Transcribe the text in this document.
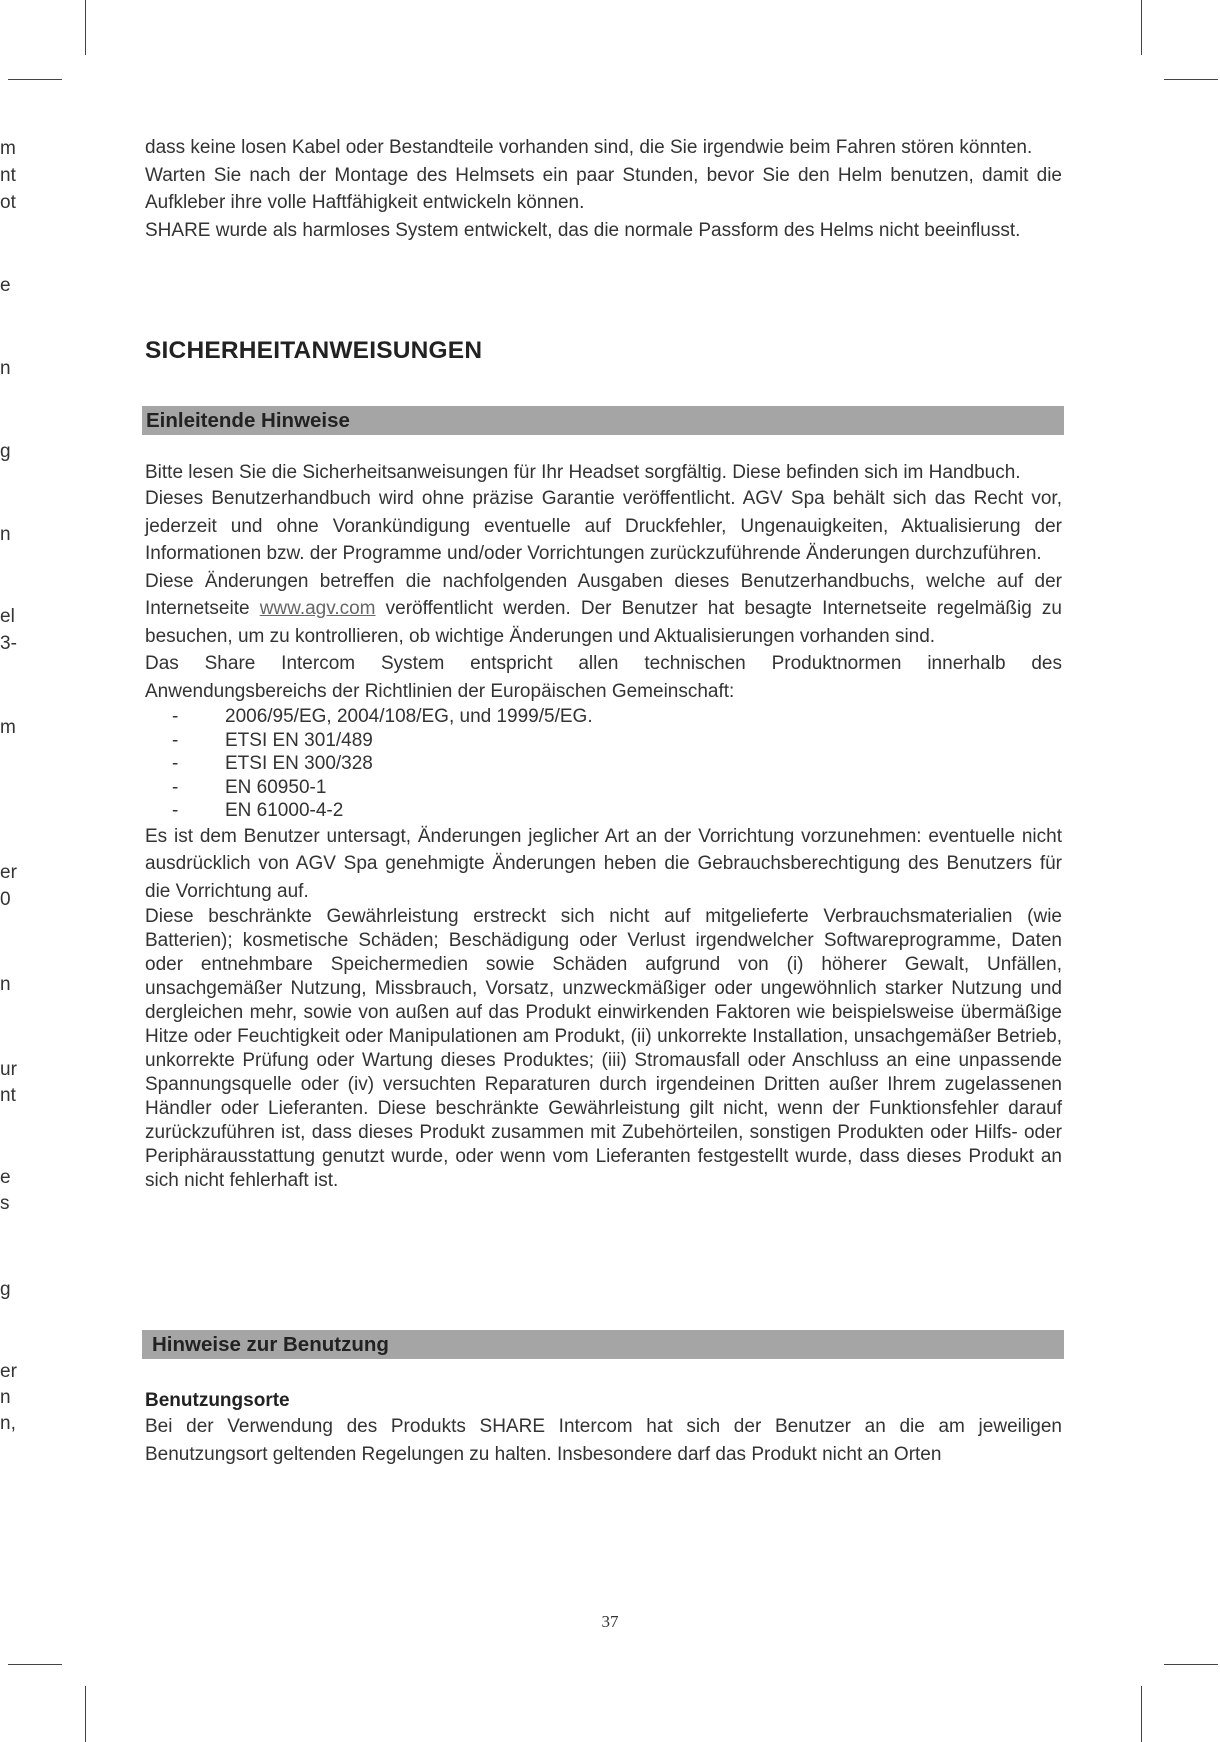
m
nt
ot
e
n
g
n
el
3-
m
er
0
n
ur
nt
e
s
g
er
n
n,

dass keine losen Kabel oder Bestandteile vorhanden sind, die Sie irgendwie beim Fahren stören könnten.

Warten Sie nach der Montage des Helmsets ein paar Stunden, bevor Sie den Helm benutzen, damit die Aufkleber ihre volle Haftfähigkeit entwickeln können.

SHARE wurde als harmloses System entwickelt, das die normale Passform des Helms nicht beeinflusst.

SICHERHEITANWEISUNGEN
Einleitende Hinweise

Bitte lesen Sie die Sicherheitsanweisungen für Ihr Headset sorgfältig. Diese befinden sich im Handbuch.

Dieses Benutzerhandbuch wird ohne präzise Garantie veröffentlicht. AGV Spa behält sich das Recht vor, jederzeit und ohne Vorankündigung eventuelle auf Druckfehler, Ungenauigkeiten, Aktualisierung der Informationen bzw. der Programme und/oder Vorrichtungen zurückzuführende Änderungen durchzuführen.

Diese Änderungen betreffen die nachfolgenden Ausgaben dieses Benutzerhandbuchs, welche auf der Internetseite www.agv.com veröffentlicht werden. Der Benutzer hat besagte Internetseite regelmäßig zu besuchen, um zu kontrollieren, ob wichtige Änderungen und Aktualisierungen vorhanden sind.

Das Share Intercom System entspricht allen technischen Produktnormen innerhalb des Anwendungsbereichs der Richtlinien der Europäischen Gemeinschaft:

- 2006/95/EG, 2004/108/EG, und 1999/5/EG.
- ETSI EN 301/489
- ETSI EN 300/328
- EN 60950-1
- EN 61000-4-2

Es ist dem Benutzer untersagt, Änderungen jeglicher Art an der Vorrichtung vorzunehmen: eventuelle nicht ausdrücklich von AGV Spa genehmigte Änderungen heben die Gebrauchsberechtigung des Benutzers für die Vorrichtung auf.

Diese beschränkte Gewährleistung erstreckt sich nicht auf mitgelieferte Verbrauchsmaterialien (wie Batterien); kosmetische Schäden; Beschädigung oder Verlust irgendwelcher Softwareprogramme, Daten oder entnehmbare Speichermedien sowie Schäden aufgrund von (i) höherer Gewalt, Unfällen, unsachgemäßer Nutzung, Missbrauch, Vorsatz, unzweckmäßiger oder ungewöhnlich starker Nutzung und dergleichen mehr, sowie von außen auf das Produkt einwirkenden Faktoren wie beispielsweise übermäßige Hitze oder Feuchtigkeit oder Manipulationen am Produkt, (ii) unkorrekte Installation, unsachgemäßer Betrieb, unkorrekte Prüfung oder Wartung dieses Produktes; (iii) Stromausfall oder Anschluss an eine unpassende Spannungsquelle oder (iv) versuchten Reparaturen durch irgendeinen Dritten außer Ihrem zugelassenen Händler oder Lieferanten. Diese beschränkte Gewährleistung gilt nicht, wenn der Funktionsfehler darauf zurückzuführen ist, dass dieses Produkt zusammen mit Zubehörteilen, sonstigen Produkten oder Hilfs- oder Periphärausstattung genutzt wurde, oder wenn vom Lieferanten festgestellt wurde, dass dieses Produkt an sich nicht fehlerhaft ist.

Hinweise zur Benutzung
Benutzungsorte

Bei der Verwendung des Produkts SHARE Intercom hat sich der Benutzer an die am jeweiligen Benutzungsort geltenden Regelungen zu halten. Insbesondere darf das Produkt nicht an Orten

37
